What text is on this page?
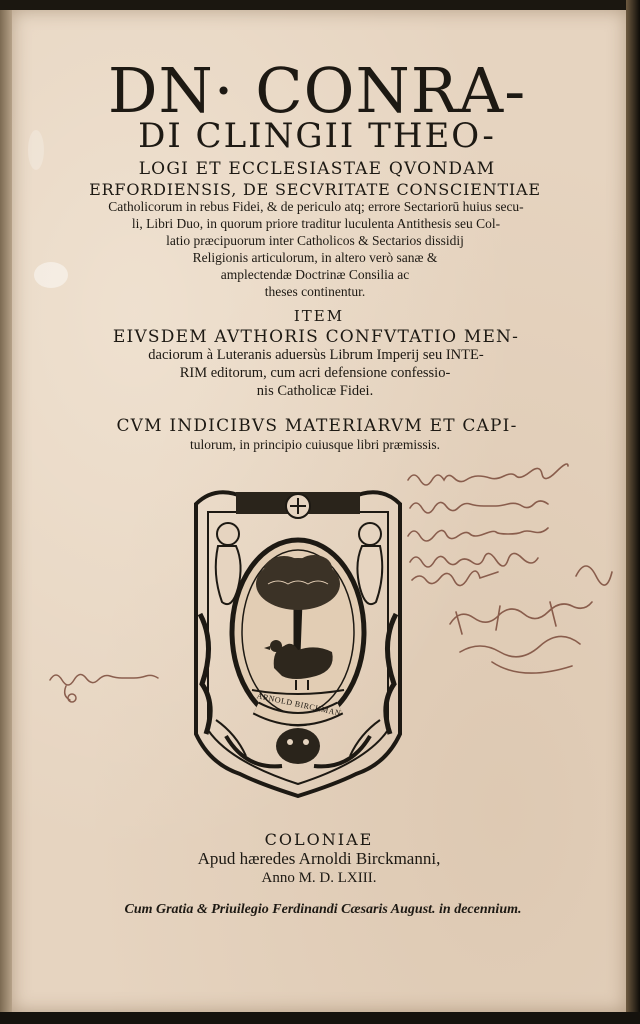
DN· CONRA-
DI CLINGII THEO-
LOGI ET ECCLESIASTAE QVONDAM
ERFORDIENSIS, DE SECVRITATE CONSCIENTIAE
Catholicorum in rebus Fidei, & de periculo atq; errore Sectariorū huius secu-
li, Libri Duo, in quorum priore traditur luculenta Antithesis seu Col-
latio præcipuorum inter Catholicos & Sectarios dissidij
Religionis articulorum, in altero verò sanæ &
amplectendæ Doctrinæ Consilia ac
theses continentur.
ITEM
EIVSDEM AVTHORIS CONFVTATIO MEN-
daciorum à Luteranis aduersùs Librum Imperij seu INTE-
RIM editorum, cum acri defensione confessio-
nis Catholicæ Fidei.
CVM INDICIBVS MATERIARVM ET CAPI-
tulorum, in principio cuiusque libri præmissis.
ARNOLD BIRCKMAN
COLONIAE
Apud hæredes Arnoldi Birckmanni,
Anno M. D. LXIII.
Cum Gratia & Priuilegio Ferdinandi Cæsaris August. in decennium.
